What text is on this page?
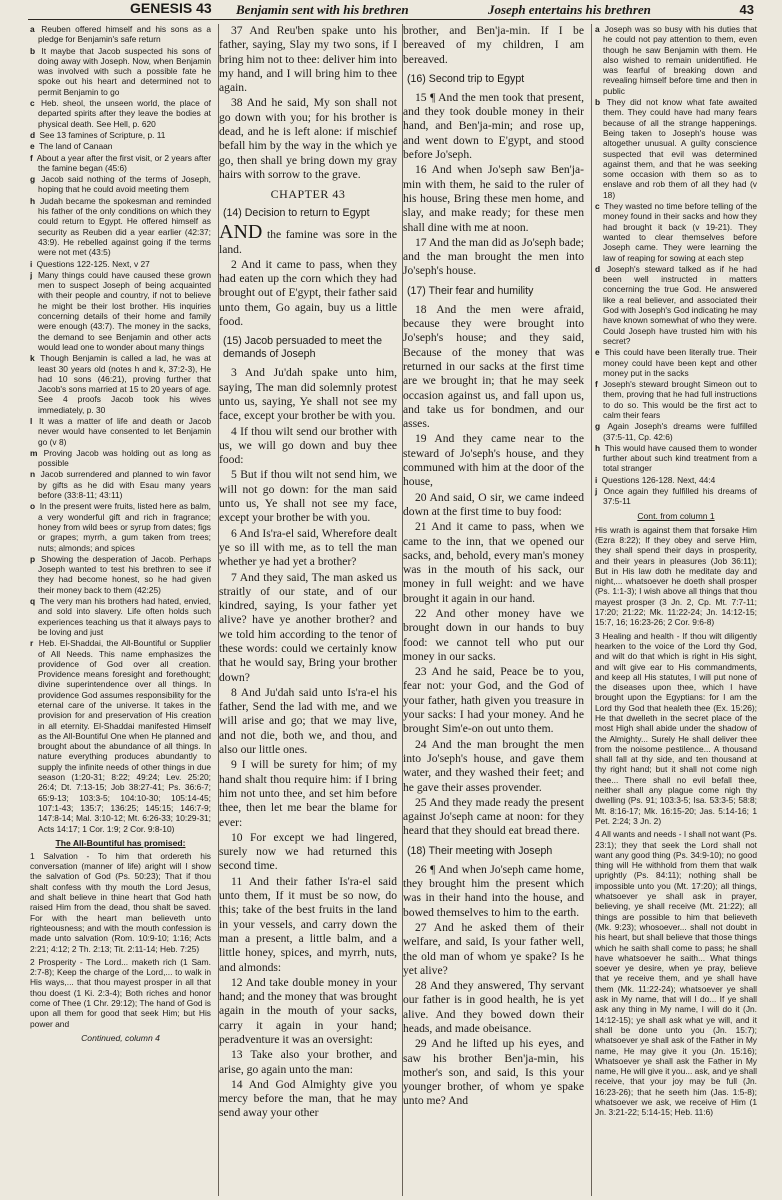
GENESIS 43 Benjamin sent with his brethren	Joseph entertains his brethren	43
a Reuben offered himself and his sons as a pledge for Benjamin's safe return
b It maybe that Jacob suspected his sons of doing away with Joseph. Now, when Benjamin was involved with such a possible fate he spoke out his heart and determined not to permit Benjamin to go
c Heb. sheol, the unseen world, the place of departed spirits after they leave the bodies at physical death. See Hell, p. 620
d See 13 famines of Scripture, p. 11
e The land of Canaan
f About a year after the first visit, or 2 years after the famine began (45:6)
g Jacob said nothing of the terms of Joseph, hoping that he could avoid meeting them
h Judah became the spokesman and reminded his father of the only conditions on which they could return to Egypt. He offered himself as security as Reuben did a year earlier (42:37; 43:9). He rebelled against going if the terms were not met (43:5)
i Questions 122-125. Next, v 27
j Many things could have caused these grown men to suspect Joseph of being acquainted with their people and country, if not to believe he might be their lost brother. His inquiries concerning details of their home and family were enough (43:7). The money in the sacks, the demand to see Benjamin and other acts would lead one to wonder about many things
k Though Benjamin is called a lad, he was at least 30 years old (notes h and k, 37:2-3), He had 10 sons (46:21), proving further that Jacob's sons married at 15 to 20 years of age. See 4 proofs Jacob took his wives immediately, p. 30
l It was a matter of life and death or Jacob never would have consented to let Benjamin go (v 8)
m Proving Jacob was holding out as long as possible
n Jacob surrendered and planned to win favor by gifts as he did with Esau many years before (33:8-11; 43:11)
o In the present were fruits, listed here as balm, a very wonderful gift and rich in fragrance; honey from wild bees or syrup from dates; figs or grapes; myrrh, a gum taken from trees; nuts; almonds; and spices
p Showing the desperation of Jacob. Perhaps Joseph wanted to test his brethren to see if they had become honest, so he had given their money back to them (42:25)
q The very man his brothers had hated, envied, and sold into slavery. Life often holds such experiences teaching us that it always pays to be loving and just
r Heb. El-Shaddai, the All-Bountiful or Supplier of All Needs. This name emphasizes the providence of God over all creation. Providence means foresight and forethought; divine superintendence over all things. In providence God assumes responsibility for the eternal care of the universe. It takes in the provision for and preservation of His creation in all eternity. El-Shaddai manifested Himself as the All-Bountiful One when He planned and brought about the abundance of all things. In nature everything produces abundantly to supply the infinite needs of other things in due season (1:20-31; 8:22; 49:24; Lev. 25:20; 26:4; Dt. 7:13-15; Job 38:27-41; Ps. 36:6-7; 65:9-13; 103:3-5; 104:10-30; 105:14-45; 107:1-43; 135:7; 136:25; 145:15; 146:7-9; 147:8-14; Mal. 3:10-12; Mt. 6:26-33; 10:29-31; Acts 14:17; 1 Cor. 1:9; 2 Cor. 9:8-10)
The All-Bountiful has promised:
1 Salvation - To him that ordereth his conversation (manner of life) aright will I show the salvation of God (Ps. 50:23); That if thou shalt confess with thy mouth the Lord Jesus, and shalt believe in thine heart that God hath raised Him from the dead, thou shalt be saved. For with the heart man believeth unto righteousness; and with the mouth confession is made unto salvation (Rom. 10:9-10; 1:16; Acts 2:21; 4:12; 2 Th. 2:13; Tit. 2:11-14; Heb. 7:25)
2 Prosperity - The Lord... maketh rich (1 Sam. 2:7-8); Keep the charge of the Lord,... to walk in His ways,... that thou mayest prosper in all that thou doest (1 Ki. 2:3-4); Both riches and honor come of Thee (1 Chr. 29:12); The hand of God is upon all them for good that seek Him; but His power and
Continued, column 4
37 And Reu'ben spake unto his father, saying, Slay my two sons, if I bring him not to thee: deliver him into my hand, and I will bring him to thee again.
38 And he said, My son shall not go down with you; for his brother is dead, and he is left alone: if mischief befall him by the way in the which ye go, then shall ye bring down my gray hairs with sorrow to the grave.
CHAPTER 43
(14) Decision to return to Egypt
AND the famine was sore in the land.
2 And it came to pass, when they had eaten up the corn which they had brought out of E'gypt, their father said unto them, Go again, buy us a little food.
(15) Jacob persuaded to meet the demands of Joseph
3 And Ju'dah spake unto him, saying, The man did solemnly protest unto us, saying, Ye shall not see my face, except your brother be with you.
4 If thou wilt send our brother with us, we will go down and buy thee food:
5 But if thou wilt not send him, we will not go down: for the man said unto us, Ye shall not see my face, except your brother be with you.
6 And Is'ra-el said, Wherefore dealt ye so ill with me, as to tell the man whether ye had yet a brother?
7 And they said, The man asked us straitly of our state, and of our kindred, saying, Is your father yet alive? have ye another brother? and we told him according to the tenor of these words: could we certainly know that he would say, Bring your brother down?
8 And Ju'dah said unto Is'ra-el his father, Send the lad with me, and we will arise and go; that we may live, and not die, both we, and thou, and also our little ones.
9 I will be surety for him; of my hand shalt thou require him: if I bring him not unto thee, and set him before thee, then let me bear the blame for ever:
10 For except we had lingered, surely now we had returned this second time.
11 And their father Is'ra-el said unto them, If it must be so now, do this; take of the best fruits in the land in your vessels, and carry down the man a present, a little balm, and a little honey, spices, and myrrh, nuts, and almonds:
12 And take double money in your hand; and the money that was brought again in the mouth of your sacks, carry it again in your hand; peradventure it was an oversight:
13 Take also your brother, and arise, go again unto the man:
14 And God Almighty give you mercy before the man, that he may send away your other
brother, and Ben'ja-min. If I be bereaved of my children, I am bereaved.
(16) Second trip to Egypt
15 ¶ And the men took that present, and they took double money in their hand, and Ben'ja-min; and rose up, and went down to E'gypt, and stood before Jo'seph.
16 And when Jo'seph saw Ben'ja-min with them, he said to the ruler of his house, Bring these men home, and slay, and make ready; for these men shall dine with me at noon.
17 And the man did as Jo'seph bade; and the man brought the men into Jo'seph's house.
(17) Their fear and humility
18 And the men were afraid, because they were brought into Jo'seph's house; and they said, Because of the money that was returned in our sacks at the first time are we brought in; that he may seek occasion against us, and fall upon us, and take us for bondmen, and our asses.
19 And they came near to the steward of Jo'seph's house, and they communed with him at the door of the house,
20 And said, O sir, we came indeed down at the first time to buy food:
21 And it came to pass, when we came to the inn, that we opened our sacks, and, behold, every man's money was in the mouth of his sack, our money in full weight: and we have brought it again in our hand.
22 And other money have we brought down in our hands to buy food: we cannot tell who put our money in our sacks.
23 And he said, Peace be to you, fear not: your God, and the God of your father, hath given you treasure in your sacks: I had your money. And he brought Sim'e-on out unto them.
24 And the man brought the men into Jo'seph's house, and gave them water, and they washed their feet; and he gave their asses provender.
25 And they made ready the present against Jo'seph came at noon: for they heard that they should eat bread there.
(18) Their meeting with Joseph
26 ¶ And when Jo'seph came home, they brought him the present which was in their hand into the house, and bowed themselves to him to the earth.
27 And he asked them of their welfare, and said, Is your father well, the old man of whom ye spake? Is he yet alive?
28 And they answered, Thy servant our father is in good health, he is yet alive. And they bowed down their heads, and made obeisance.
29 And he lifted up his eyes, and saw his brother Ben'ja-min, his mother's son, and said, Is this your younger brother, of whom ye spake unto me? And
a Joseph was so busy with his duties that he could not pay attention to them, even though he saw Benjamin with them. He also wished to remain unidentified. He was fearful of breaking down and revealing himself before time and then in public
b They did not know what fate awaited them. They could have had many fears because of all the strange happenings. Being taken to Joseph's house was altogether unusual. A guilty conscience suspected that evil was determined against them, and that he was seeking some occasion with them so as to enslave and rob them of all they had (v 18)
c They wasted no time before telling of the money found in their sacks and how they had brought it back (v 19-21). They wanted to clear themselves before Joseph came. They were learning the law of reaping for sowing at each step
d Joseph's steward talked as if he had been well instructed in matters concerning the true God. He answered like a real believer, and associated their God with Joseph's God indicating he may have known somewhat of who they were. Could Joseph have trusted him with his secret?
e This could have been literally true. Their money could have been kept and other money put in the sacks
f Joseph's steward brought Simeon out to them, proving that he had full instructions to do so. This would be the first act to calm their fears
g Again Joseph's dreams were fulfilled (37:5-11, Cp. 42:6)
h This would have caused them to wonder further about such kind treatment from a total stranger
i Questions 126-128. Next, 44:4
j Once again they fulfilled his dreams of 37:5-11
Cont. from column 1
His wrath is against them that forsake Him (Ezra 8:22); If they obey and serve Him, they shall spend their days in prosperity, and their years in pleasures (Job 36:11); But in His law doth he meditate day and night,... whatsoever he doeth shall prosper (Ps. 1:1-3); I wish above all things that thou mayest prosper (3 Jn. 2, Cp. Mt. 7:7-11; 17:20; 21:22; Mk. 11:22-24; Jn. 14:12-15; 15:7, 16; 16:23-26; 2 Cor. 9:6-8)
3 Healing and health - If thou wilt diligently hearken to the voice of the Lord thy God, and wilt do that which is right in His sight, and wilt give ear to His commandments, and keep all His statutes, I will put none of the diseases upon thee, which I have brought upon the Egyptians: for I am the Lord thy God that healeth thee (Ex. 15:26); He that dwelleth in the secret place of the most High shall abide under the shadow of the Almighty... Surely He shall deliver thee from the noisome pestilence... A thousand shall fall at thy side, and ten thousand at thy right hand; but it shall not come nigh thee... There shall no evil befall thee, neither shall any plague come nigh thy dwelling (Ps. 91; 103:3-5; Isa. 53:3-5; 58:8; Mt. 8:16-17; Mk. 16:15-20; Jas. 5:14-16; 1 Pet. 2:24; 3 Jn. 2)
4 All wants and needs - I shall not want (Ps. 23:1); they that seek the Lord shall not want any good thing (Ps. 34:9-10); no good thing will He withhold from them that walk uprightly (Ps. 84:11); nothing shall be impossible unto you (Mt. 17:20); all things, whatsoever ye shall ask in prayer, believing, ye shall receive (Mt. 21:22); all things are possible to him that believeth (Mk. 9:23); whosoever... shall not doubt in his heart, but shall believe that those things which he saith shall come to pass; he shall have whatsoever he saith... What things soever ye desire, when ye pray, believe that ye receive them, and ye shall have them (Mk. 11:22-24); whatsoever ye shall ask in My name, that will I do... If ye shall ask any thing in My name, I will do it (Jn. 14:12-15); ye shall ask what ye will, and it shall be done unto you (Jn. 15:7); whatsoever ye shall ask of the Father in My name, He may give it you (Jn. 15:16); Whatsoever ye shall ask the Father in My name, He will give it you... ask, and ye shall receive, that your joy may be full (Jn. 16:23-26); that he seeth him (Jas. 1:5-8); whatsoever we ask, we receive of Him (1 Jn. 3:21-22; 5:14-15; Heb. 11:6)
